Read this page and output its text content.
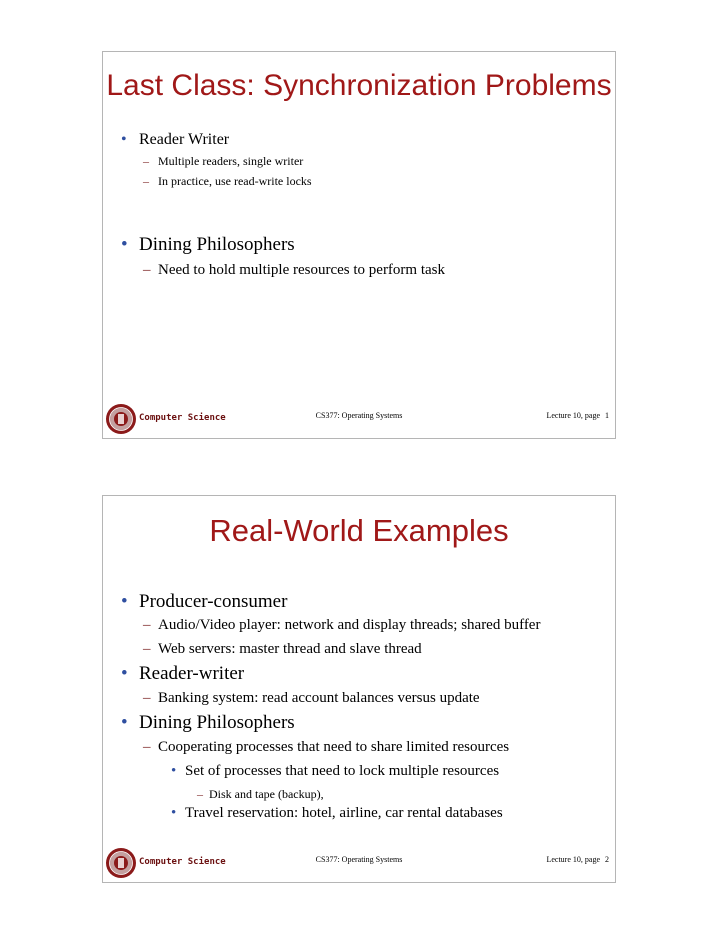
Last Class: Synchronization Problems
• Reader Writer
– Multiple readers, single writer
– In practice, use read-write locks
• Dining Philosophers
– Need to hold multiple resources to perform task
Computer Science	CS377: Operating Systems	Lecture 10, page 1
Real-World Examples
• Producer-consumer
– Audio/Video player: network and display threads; shared buffer
– Web servers: master thread and slave thread
• Reader-writer
– Banking system: read account balances versus update
• Dining Philosophers
– Cooperating processes that need to share limited resources
• Set of processes that need to lock multiple resources
– Disk and tape (backup),
• Travel reservation: hotel, airline, car rental databases
Computer Science	CS377: Operating Systems	Lecture 10, page 2
